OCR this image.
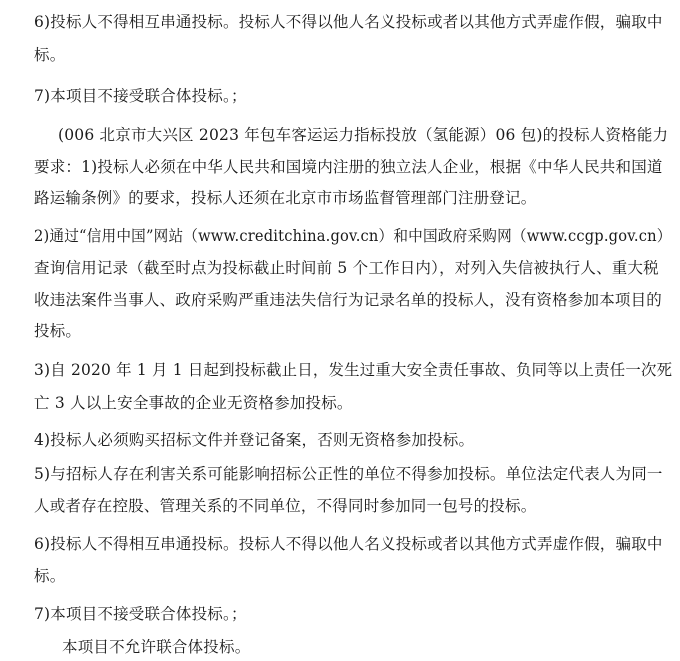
6)投标人不得相互串通投标。投标人不得以他人名义投标或者以其他方式弄虚作假，骗取中
标。
7)本项目不接受联合体投标。；
(006 北京市大兴区 2023 年包车客运运力指标投放（氢能源）06 包)的投标人资格能力
要求：1)投标人必须在中华人民共和国境内注册的独立法人企业，根据《中华人民共和国道
路运输条例》的要求，投标人还须在北京市市场监督管理部门注册登记。
2)通过“信用中国”网站（www.creditchina.gov.cn）和中国政府采购网（www.ccgp.gov.cn）
查询信用记录（截至时点为投标截止时间前 5 个工作日内），对列入失信被执行人、重大税
收违法案件当事人、政府采购严重违法失信行为记录名单的投标人，没有资格参加本项目的
投标。
3)自 2020 年 1 月 1 日起到投标截止日，发生过重大安全责任事故、负同等以上责任一次死
亡 3 人以上安全事故的企业无资格参加投标。
4)投标人必须购买招标文件并登记备案，否则无资格参加投标。
5)与招标人存在利害关系可能影响招标公正性的单位不得参加投标。单位法定代表人为同一
人或者存在控股、管理关系的不同单位，不得同时参加同一包号的投标。
6)投标人不得相互串通投标。投标人不得以他人名义投标或者以其他方式弄虚作假，骗取中
标。
7)本项目不接受联合体投标。；
本项目不允许联合体投标。
